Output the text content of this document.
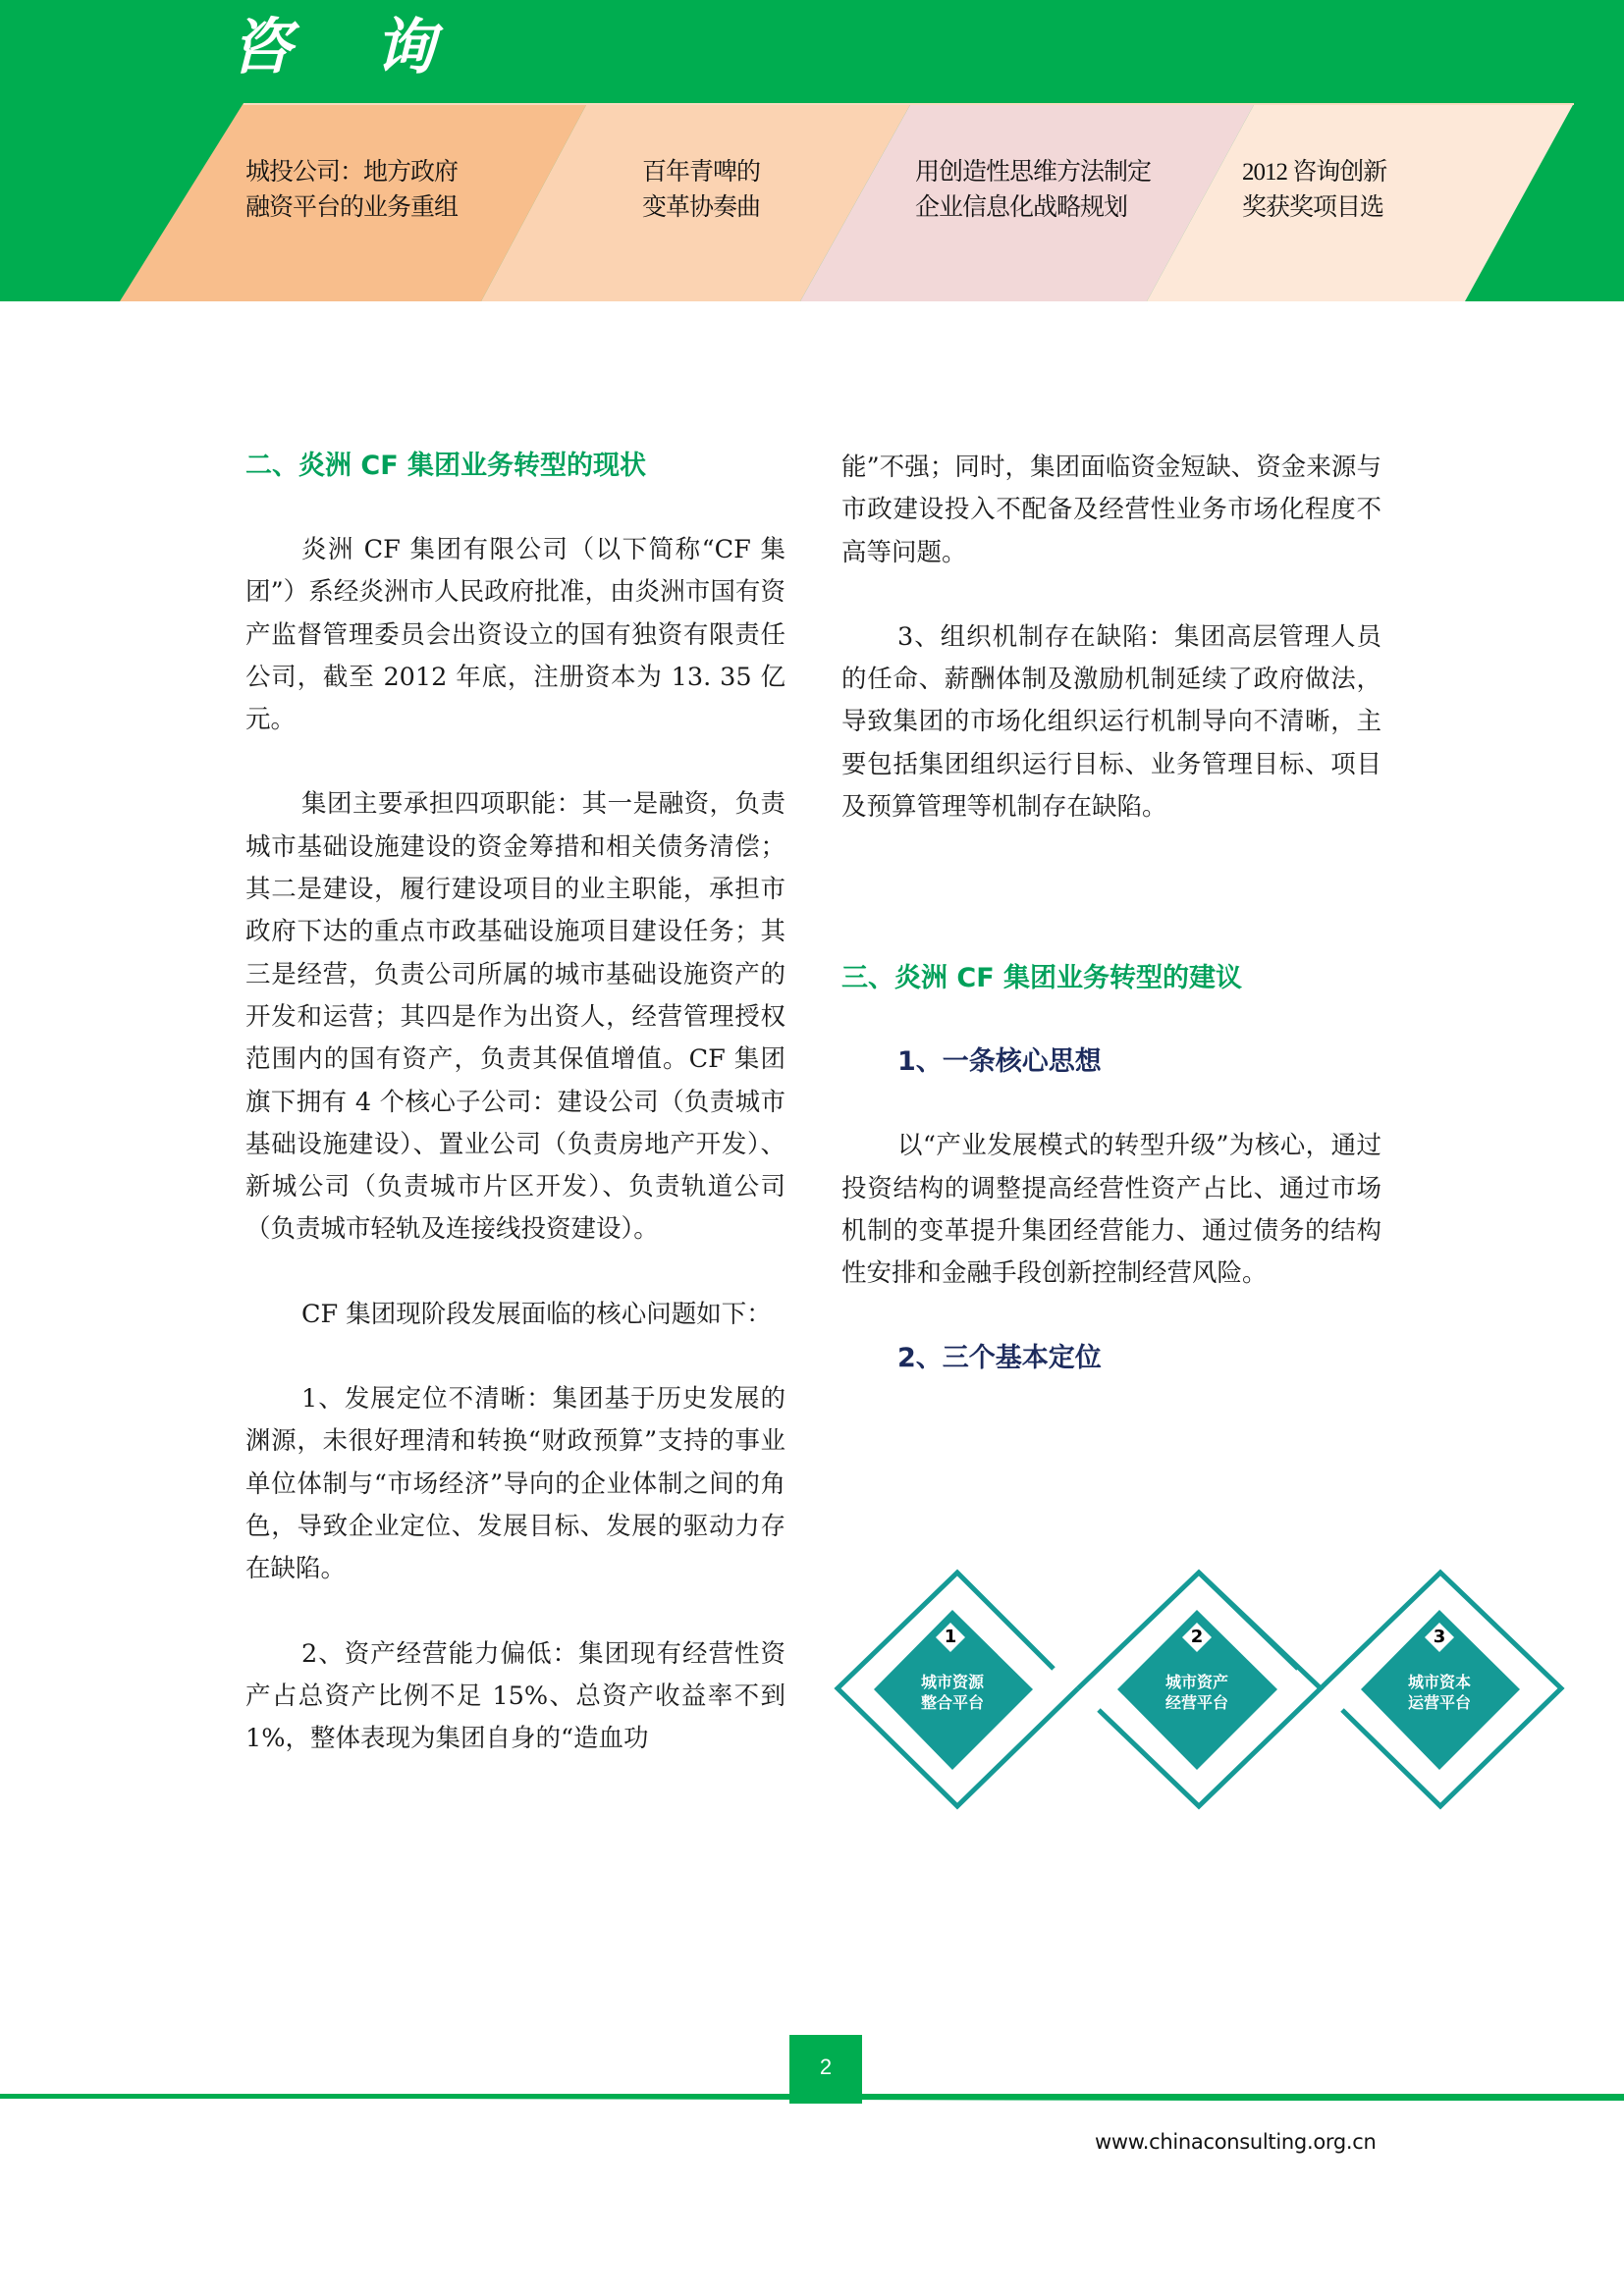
咨询
城投公司：地方政府
融资平台的业务重组
百年青啤的
变革协奏曲
用创造性思维方法制定
企业信息化战略规划
2012 咨询创新
奖获奖项目选
二、炎洲 CF 集团业务转型的现状

炎洲 CF 集团有限公司（以下简称“CF 集团”）系经炎洲市人民政府批准，由炎洲市国有资产监督管理委员会出资设立的国有独资有限责任公司，截至 2012 年底，注册资本为 13. 35 亿元。

集团主要承担四项职能：其一是融资，负责城市基础设施建设的资金筹措和相关债务清偿；其二是建设，履行建设项目的业主职能，承担市政府下达的重点市政基础设施项目建设任务；其三是经营，负责公司所属的城市基础设施资产的开发和运营；其四是作为出资人，经营管理授权范围内的国有资产，负责其保值增值。CF 集团旗下拥有 4 个核心子公司：建设公司（负责城市基础设施建设）、置业公司（负责房地产开发）、新城公司（负责城市片区开发）、负责轨道公司（负责城市轻轨及连接线投资建设）。

CF 集团现阶段发展面临的核心问题如下：

1、发展定位不清晰：集团基于历史发展的渊源，未很好理清和转换“财政预算”支持的事业单位体制与“市场经济”导向的企业体制之间的角色，导致企业定位、发展目标、发展的驱动力存在缺陷。

2、资产经营能力偏低：集团现有经营性资产占总资产比例不足 15%、总资产收益率不到 1%，整体表现为集团自身的“造血功

能”不强；同时，集团面临资金短缺、资金来源与市政建设投入不配备及经营性业务市场化程度不高等问题。

3、组织机制存在缺陷：集团高层管理人员的任命、薪酬体制及激励机制延续了政府做法，导致集团的市场化组织运行机制导向不清晰，主要包括集团组织运行目标、业务管理目标、项目及预算管理等机制存在缺陷。

三、炎洲 CF 集团业务转型的建议
1、一条核心思想

以“产业发展模式的转型升级”为核心，通过投资结构的调整提高经营性资产占比、通过市场机制的变革提升集团经营能力、通过债务的结构性安排和金融手段创新控制经营风险。

2、三个基本定位
1
城市资源
整合平台
2
城市资产
经营平台
3
城市资本
运营平台
2
www.chinaconsulting.org.cn
